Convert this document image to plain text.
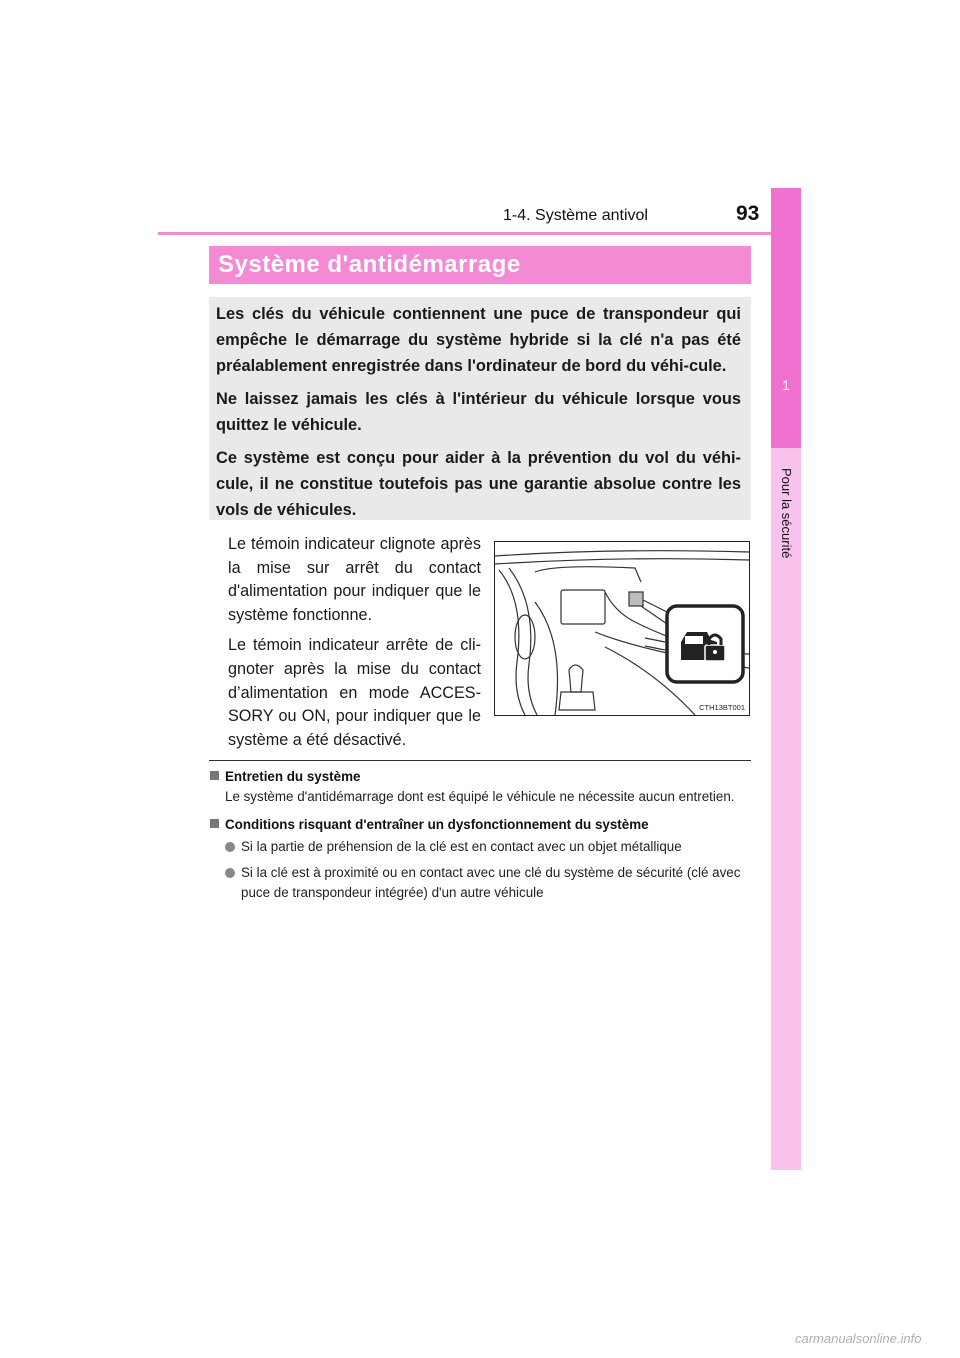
1-4. Système antivol	93
1
Pour la sécurité
Système d'antidémarrage

Les clés du véhicule contiennent une puce de transpondeur qui empêche le démarrage du système hybride si la clé n'a pas été préalablement enregistrée dans l'ordinateur de bord du véhi-cule.

Ne laissez jamais les clés à l'intérieur du véhicule lorsque vous quittez le véhicule.

Ce système est conçu pour aider à la prévention du vol du véhi-cule, il ne constitue toutefois pas une garantie absolue contre les vols de véhicules.

Le témoin indicateur clignote après la mise sur arrêt du contact d'alimentation pour indiquer que le système fonctionne.

Le témoin indicateur arrête de cli-gnoter après la mise du contact d’alimentation en mode ACCES-SORY ou ON, pour indiquer que le système a été désactivé.

CTH13BT001

Entretien du système

Le système d'antidémarrage dont est équipé le véhicule ne nécessite aucun entretien.

Conditions risquant d'entraîner un dysfonctionnement du système

Si la partie de préhension de la clé est en contact avec un objet métallique
Si la clé est à proximité ou en contact avec une clé du système de sécurité (clé avec puce de transpondeur intégrée) d'un autre véhicule
carmanualsonline.info
